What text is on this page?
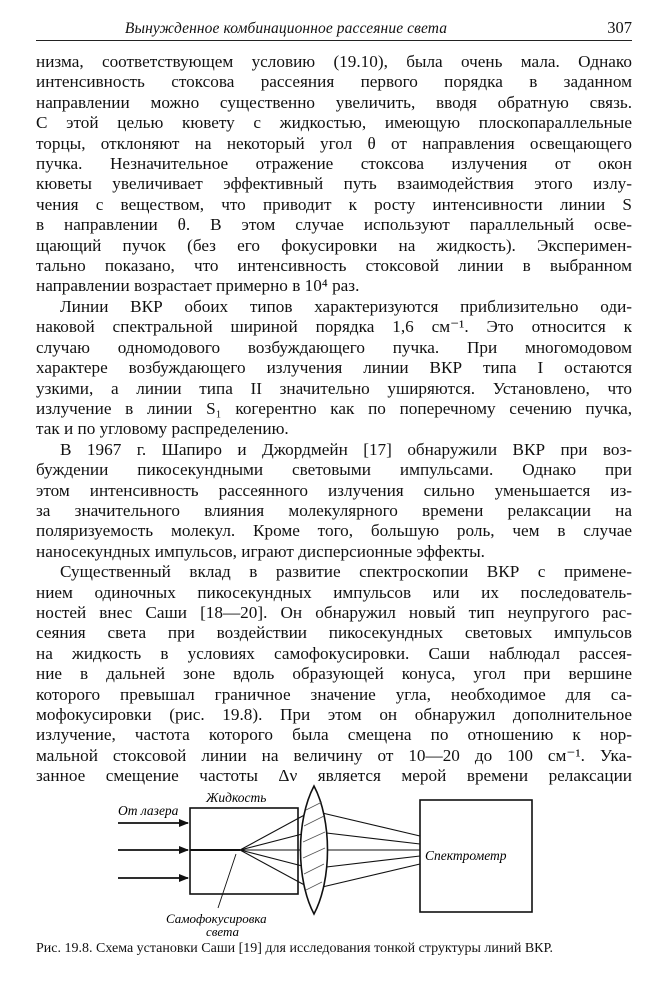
Вынужденное комбинационное рассеяние света	307

низма, соответствующем условию (19.10), была очень мала. Однако

интенсивность стоксова рассеяния первого порядка в заданном

направлении можно существенно увеличить, вводя обратную связь.

С этой целью кювету с жидкостью, имеющую плоскопараллельные

торцы, отклоняют на некоторый угол θ от направления освещающего

пучка. Незначительное отражение стоксова излучения от окон

кюветы увеличивает эффективный путь взаимодействия этого излу-

чения с веществом, что приводит к росту интенсивности линии S

в направлении θ. В этом случае используют параллельный осве-

щающий пучок (без его фокусировки на жидкость). Эксперимен-

тально показано, что интенсивность стоксовой линии в выбранном

направлении возрастает примерно в 10⁴ раз.

Линии ВКР обоих типов характеризуются приблизительно оди-

наковой спектральной шириной порядка 1,6 см⁻¹. Это относится к

случаю одномодового возбуждающего пучка. При многомодовом

характере возбуждающего излучения линии ВКР типа I остаются

узкими, а линии типа II значительно уширяются. Установлено, что

излучение в линии S₁ когерентно как по поперечному сечению пучка,

так и по угловому распределению.

В 1967 г. Шапиро и Джордмейн [17] обнаружили ВКР при воз-

буждении пикосекундными световыми импульсами. Однако при

этом интенсивность рассеянного излучения сильно уменьшается из-

за значительного влияния молекулярного времени релаксации на

поляризуемость молекул. Кроме того, большую роль, чем в случае

наносекундных импульсов, играют дисперсионные эффекты.

Существенный вклад в развитие спектроскопии ВКР с примене-

нием одиночных пикосекундных импульсов или их последователь-

ностей внес Саши [18—20]. Он обнаружил новый тип неупругого рас-

сеяния света при воздействии пикосекундных световых импульсов

на жидкость в условиях самофокусировки. Саши наблюдал рассея-

ние в дальней зоне вдоль образующей конуса, угол при вершине

которого превышал граничное значение угла, необходимое для са-

мофокусировки (рис. 19.8). При этом он обнаружил дополнительное

излучение, частота которого была смещена по отношению к нор-

мальной стоксовой линии на величину от 10—20 до 100 см⁻¹. Ука-

занное смещение частоты Δν является мерой времени релаксации

От лазера
Жидкость
Спектрометр
Самофокусировка
света
Рис. 19.8. Схема установки Саши [19] для исследования тонкой структуры линий ВКР.
